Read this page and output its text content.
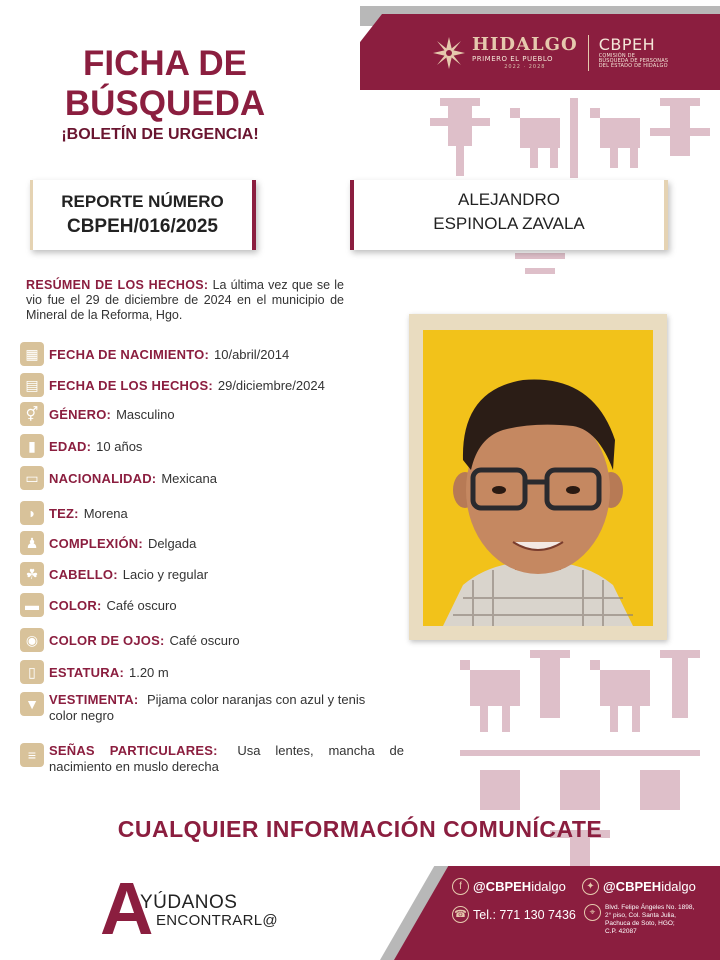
HIDALGO
PRIMERO EL PUEBLO
2022 · 2028
CBPEH
COMISIÓN DE
BÚSQUEDA DE PERSONAS
DEL ESTADO DE HIDALGO
FICHA DE
BÚSQUEDA
¡BOLETÍN DE URGENCIA!
REPORTE NÚMERO
CBPEH/016/2025
ALEJANDRO
ESPINOLA ZAVALA
RESÚMEN DE LOS HECHOS: La última vez que se le vio fue el 29 de diciembre de 2024 en el municipio de Mineral de la Reforma, Hgo.
▦ FECHA DE NACIMIENTO: 10/abril/2014
▤ FECHA DE LOS HECHOS: 29/diciembre/2024
⚥ GÉNERO: Masculino
▮	EDAD: 10 años
▭ NACIONALIDAD: Mexicana
◗ TEZ: Morena
♟ COMPLEXIÓN: Delgada
☘ CABELLO: Lacio y regular
▬ COLOR: Café oscuro
◉ COLOR DE OJOS: Café oscuro
▯	ESTATURA: 1.20 m
▼ VESTIMENTA: Pijama color naranjas con azul y tenis color negro
≡ SEÑAS PARTICULARES: Usa lentes, mancha de nacimiento en muslo derecha
CUALQUIER INFORMACIÓN COMUNÍCATE
A
YÚDANOS
ENCONTRARL@
f @CBPEHidalgo	✦ @CBPEHidalgo
☎ Tel.: 771 130 7436	⌖	Blvd. Felipe Ángeles No. 1898,
2° piso, Col. Santa Julia,
Pachuca de Soto, HGO;
C.P. 42087
